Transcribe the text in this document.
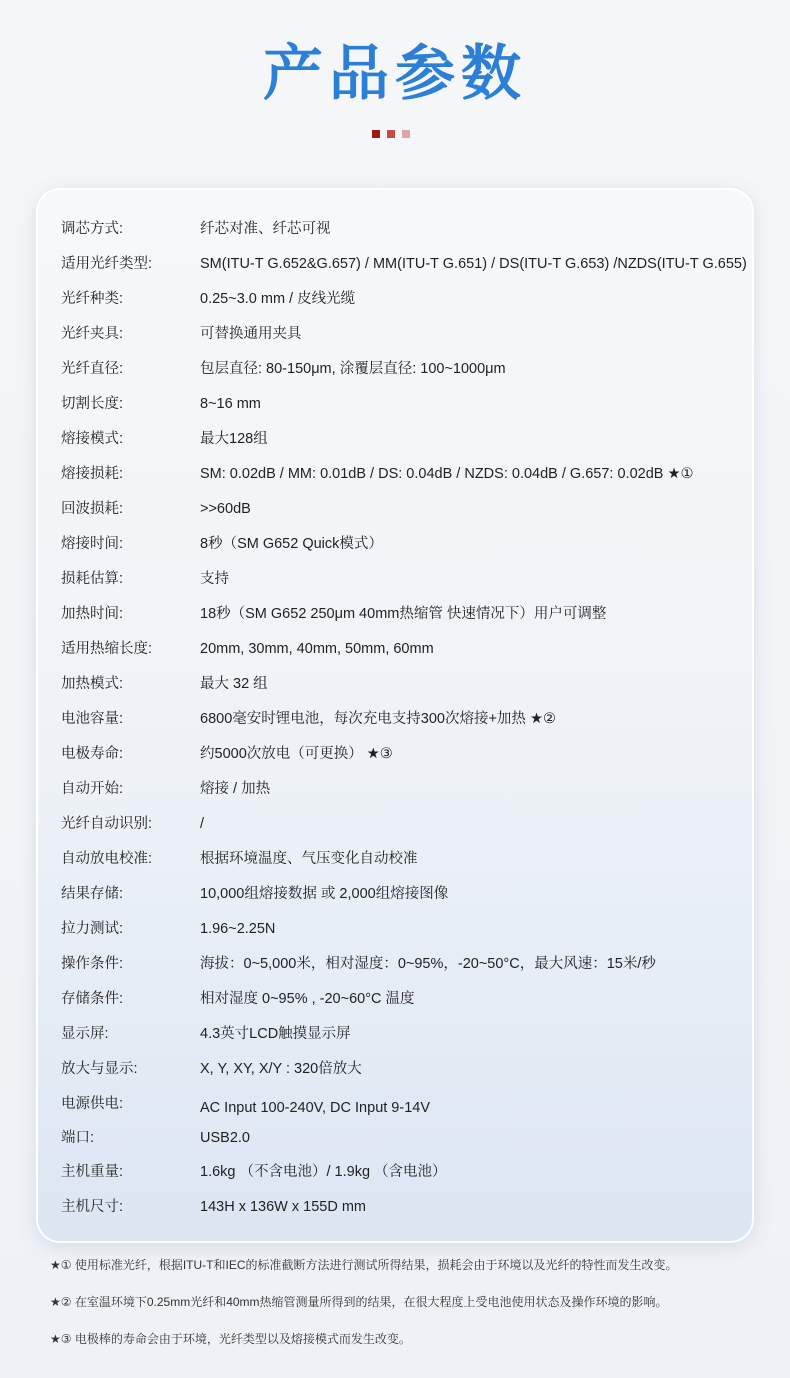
产品参数
调芯方式:	纤芯对准、纤芯可视
适用光纤类型:	SM(ITU-T G.652&G.657) / MM(ITU-T G.651) / DS(ITU-T G.653) /NZDS(ITU-T G.655)
光纤种类:	0.25~3.0 mm / 皮线光缆
光纤夹具:	可替换通用夹具
光纤直径:	包层直径: 80-150μm, 涂覆层直径: 100~1000μm
切割长度:	8~16 mm
熔接模式:	最大128组
熔接损耗:	SM: 0.02dB / MM: 0.01dB / DS: 0.04dB / NZDS: 0.04dB / G.657: 0.02dB ★①
回波损耗:	>>60dB
熔接时间:	8秒（SM G652 Quick模式）
损耗估算:	支持
加热时间:	18秒（SM G652 250μm 40mm热缩管 快速情况下）用户可调整
适用热缩长度:	20mm, 30mm, 40mm, 50mm, 60mm
加热模式:	最大 32 组
电池容量:	6800毫安时锂电池，每次充电支持300次熔接+加热 ★②
电极寿命:	约5000次放电（可更换） ★③
自动开始:	熔接 / 加热
光纤自动识别:	/
自动放电校准:	根据环境温度、气压变化自动校准
结果存储:	10,000组熔接数据 或 2,000组熔接图像
拉力测试:	1.96~2.25N
操作条件:	海拔：0~5,000米，相对湿度：0~95%，-20~50°C，最大风速：15米/秒
存储条件:	相对湿度 0~95% , -20~60°C 温度
显示屏:	4.3英寸LCD触摸显示屏
放大与显示:	X, Y, XY, X/Y : 320倍放大
电源供电:	AC Input 100-240V, DC Input 9-14V
端口:	USB2.0
主机重量:	1.6kg （不含电池）/ 1.9kg （含电池）
主机尺寸:	143H x 136W x 155D mm
★① 使用标准光纤，根据ITU-T和IEC的标准截断方法进行测试所得结果，损耗会由于环境以及光纤的特性而发生改变。
★② 在室温环境下0.25mm光纤和40mm热缩管测量所得到的结果，在很大程度上受电池使用状态及操作环境的影响。
★③ 电极棒的寿命会由于环境，光纤类型以及熔接模式而发生改变。
